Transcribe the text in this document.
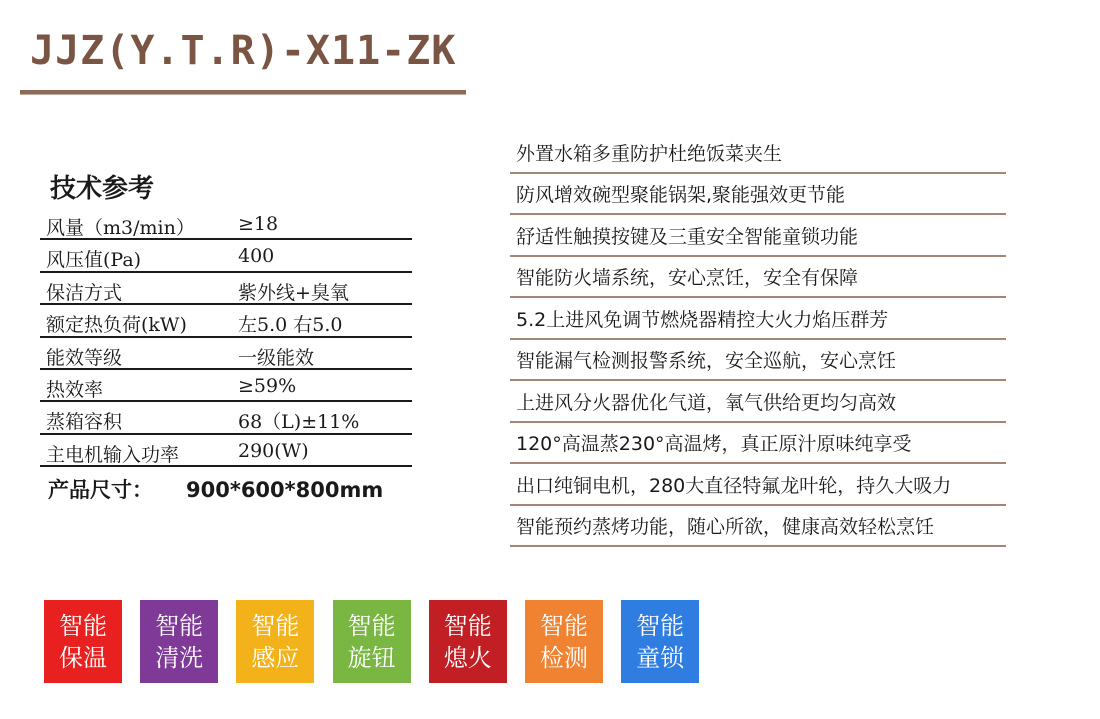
JJZ(Y.T.R)-X11-ZK
技术参考
风量（m3/min） ≥18
风压值(Pa)	400
保洁方式	紫外线+臭氧
额定热负荷(kW)	左5.0 右5.0
能效等级	一级能效
热效率	≥59%
蒸箱容积	68（L)±11%
主电机输入功率	290(W)
产品尺寸： 900*600*800mm
外置水箱多重防护杜绝饭菜夹生
防风增效碗型聚能锅架,聚能强效更节能
舒适性触摸按键及三重安全智能童锁功能
智能防火墙系统，安心烹饪，安全有保障
5.2上进风免调节燃烧器精控大火力焰压群芳
智能漏气检测报警系统，安全巡航，安心烹饪
上进风分火器优化气道，氧气供给更均匀高效
120°高温蒸230°高温烤，真正原汁原味纯享受
出口纯铜电机，280大直径特氟龙叶轮，持久大吸力
智能预约蒸烤功能，随心所欲，健康高效轻松烹饪
智能
保温
智能
清洗
智能
感应
智能
旋钮
智能
熄火
智能
检测
智能
童锁
